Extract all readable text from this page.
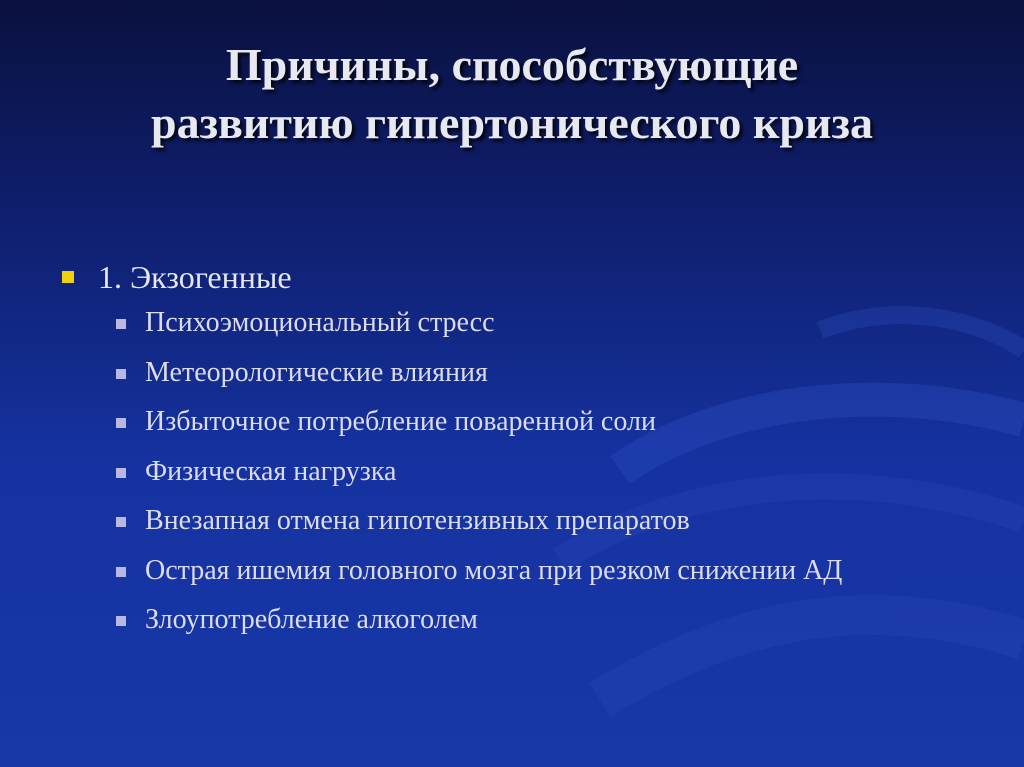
Причины, способствующие
развитию гипертонического криза
1. Экзогенные
Психоэмоциональный стресс
Метеорологические влияния
Избыточное потребление поваренной соли
Физическая нагрузка
Внезапная отмена гипотензивных препаратов
Острая ишемия головного мозга при резком снижении АД
Злоупотребление алкоголем
